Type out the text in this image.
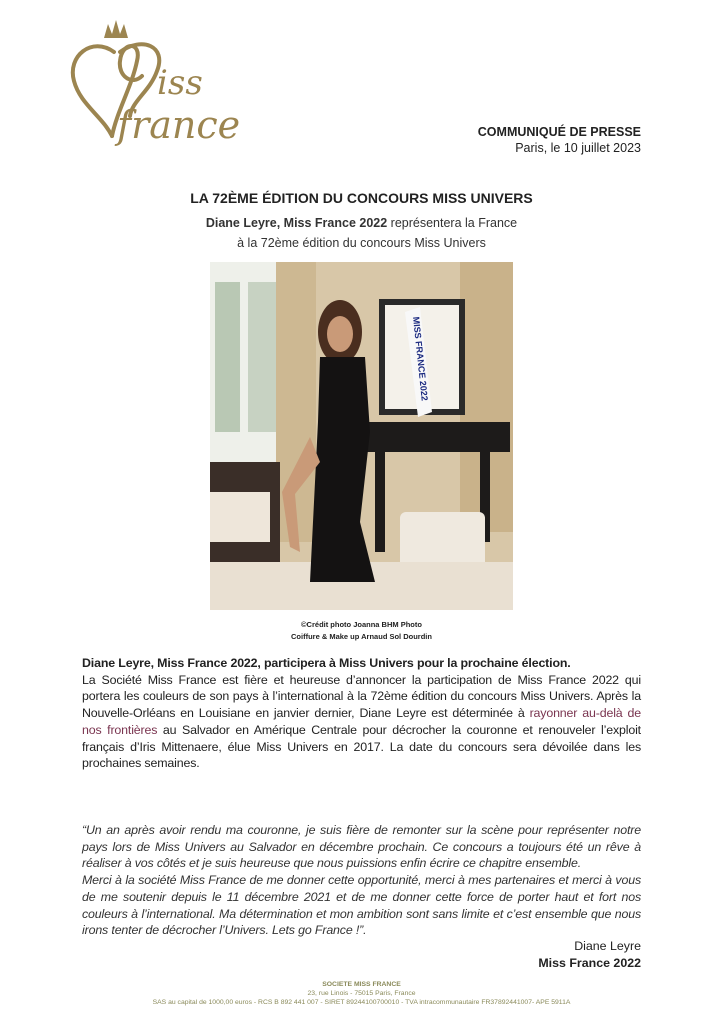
iss
france	COMMUNIQUÉ DE PRESSE
Paris, le 10 juillet 2023
LA 72ÈME ÉDITION DU CONCOURS MISS UNIVERS
Diane Leyre, Miss France 2022 représentera la France
à la 72ème édition du concours Miss Univers
MISS FRANCE 2022
©Crédit photo Joanna BHM Photo
Coiffure & Make up Arnaud Sol Dourdin
Diane Leyre, Miss France 2022, participera à Miss Univers pour la prochaine élection.
La Société Miss France est fière et heureuse d’annoncer la participation de Miss France 2022 qui portera les couleurs de son pays à l’international à la 72ème édition du concours Miss Univers. Après la Nouvelle-Orléans en Louisiane en janvier dernier, Diane Leyre est déterminée à rayonner au-delà de nos frontières au Salvador en Amérique Centrale pour décrocher la couronne et renouveler l’exploit français d’Iris Mittenaere, élue Miss Univers en 2017. La date du concours sera dévoilée dans les prochaines semaines.
“Un an après avoir rendu ma couronne, je suis fière de remonter sur la scène pour représenter notre pays lors de Miss Univers au Salvador en décembre prochain. Ce concours a toujours été un rêve à réaliser à vos côtés et je suis heureuse que nous puissions enfin écrire ce chapitre ensemble.
Merci à la société Miss France de me donner cette opportunité, merci à mes partenaires et merci à vous de me soutenir depuis le 11 décembre 2021 et de me donner cette force de porter haut et fort nos couleurs à l’international. Ma détermination et mon ambition sont sans limite et c’est ensemble que nous irons tenter de décrocher l’Univers. Lets go France !”.
Diane Leyre
Miss France 2022
SOCIETE MISS FRANCE
23, rue Linois - 75015 Paris, France
SAS au capital de 1000,00 euros - RCS B 892 441 007 - SIRET 89244100700010 - TVA intracommunautaire FR37892441007- APE 5911A
